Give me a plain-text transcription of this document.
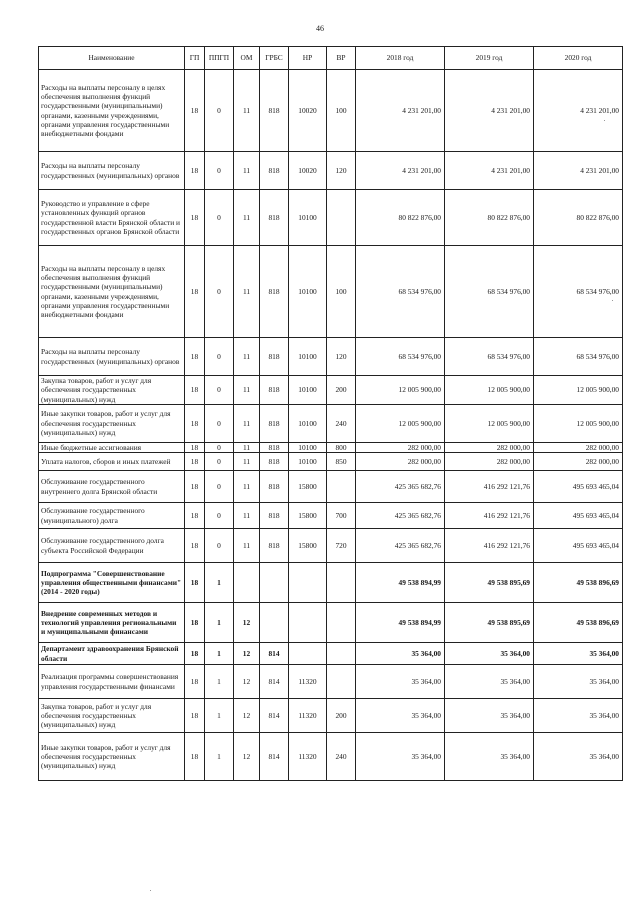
46
Наименование	ГП	ППГП	ОМ	ГРБС	НР	ВР	2018 год	2019 год	2020 год
Расходы на выплаты персоналу в целях обеспечения выполнения функций государственными (муниципальными) органами, казенными учреждениями, органами управления государственными внебюджетными фондами	18	0	11	818	10020	100	4 231 201,00	4 231 201,00	4 231 201,00
Расходы на выплаты персоналу государственных (муниципальных) органов	18	0	11	818	10020	120	4 231 201,00	4 231 201,00	4 231 201,00
Руководство и управление в сфере установленных функций органов государственной власти Брянской области и государственных органов Брянской области	18	0	11	818	10100		80 822 876,00	80 822 876,00	80 822 876,00
Расходы на выплаты персоналу в целях обеспечения выполнения функций государственными (муниципальными) органами, казенными учреждениями, органами управления государственными внебюджетными фондами	18	0	11	818	10100	100	68 534 976,00	68 534 976,00	68 534 976,00
Расходы на выплаты персоналу государственных (муниципальных) органов	18	0	11	818	10100	120	68 534 976,00	68 534 976,00	68 534 976,00
Закупка товаров, работ и услуг для обеспечения государственных (муниципальных) нужд	18	0	11	818	10100	200	12 005 900,00	12 005 900,00	12 005 900,00
Иные закупки товаров, работ и услуг для обеспечения государственных (муниципальных) нужд	18	0	11	818	10100	240	12 005 900,00	12 005 900,00	12 005 900,00
Иные бюджетные ассигнования	18	0	11	818	10100	800	282 000,00	282 000,00	282 000,00
Уплата налогов, сборов и иных платежей	18	0	11	818	10100	850	282 000,00	282 000,00	282 000,00
Обслуживание государственного внутреннего долга Брянской области	18	0	11	818	15800		425 365 682,76	416 292 121,76	495 693 465,04
Обслуживание государственного (муниципального) долга	18	0	11	818	15800	700	425 365 682,76	416 292 121,76	495 693 465,04
Обслуживание государственного долга субъекта Российской Федерации	18	0	11	818	15800	720	425 365 682,76	416 292 121,76	495 693 465,04
Подпрограмма "Совершенствование управления общественными финансами" (2014 - 2020 годы)	18	1					49 538 894,99	49 538 895,69	49 538 896,69
Внедрение современных методов и технологий управления региональными и муниципальными финансами	18	1	12				49 538 894,99	49 538 895,69	49 538 896,69
Департамент здравоохранения Брянской области	18	1	12	814			35 364,00	35 364,00	35 364,00
Реализация программы совершенствования управления государственными финансами	18	1	12	814	11320		35 364,00	35 364,00	35 364,00
Закупка товаров, работ и услуг для обеспечения государственных (муниципальных) нужд	18	1	12	814	11320	200	35 364,00	35 364,00	35 364,00
Иные закупки товаров, работ и услуг для обеспечения государственных (муниципальных) нужд	18	1	12	814	11320	240	35 364,00	35 364,00	35 364,00
